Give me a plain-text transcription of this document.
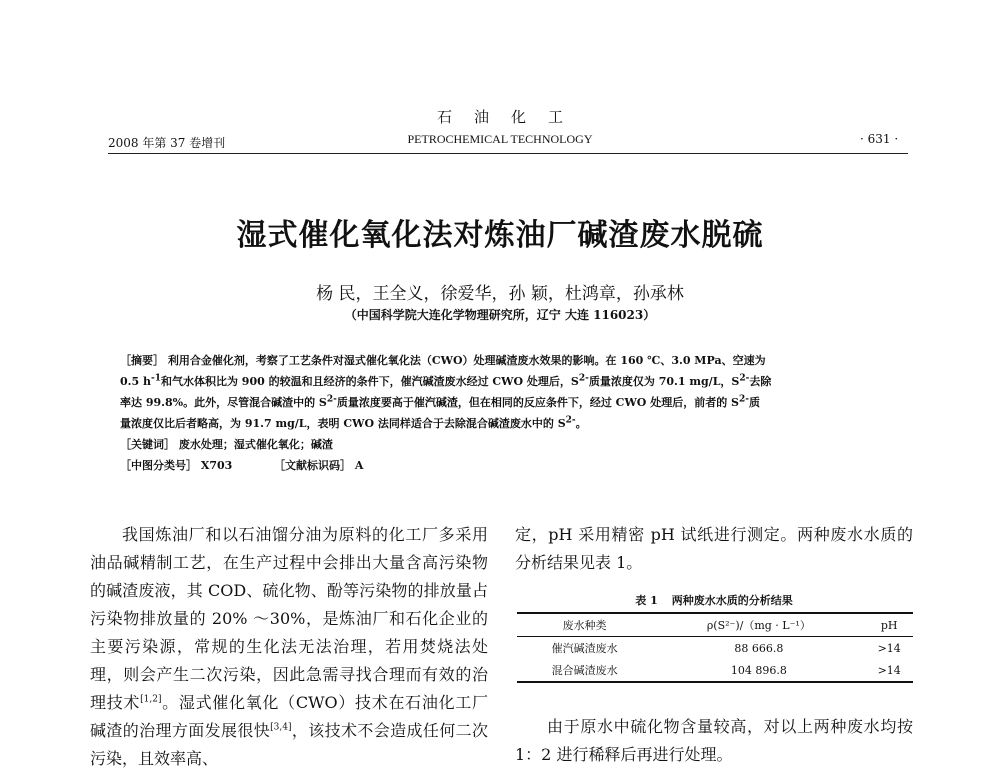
石油化工
2008 年第 37 卷增刊	PETROCHEMICAL TECHNOLOGY	· 631 ·
湿式催化氧化法对炼油厂碱渣废水脱硫
杨 民，王全义，徐爱华，孙 颖，杜鸿章，孙承林
（中国科学院大连化学物理研究所，辽宁 大连 116023）

［摘要］ 利用合金催化剂，考察了工艺条件对湿式催化氧化法（CWO）处理碱渣废水效果的影响。在 160 ℃、3.0 MPa、空速为

0.5 $h^{-1}$和气水体积比为 900 的较温和且经济的条件下，催汽碱渣废水经过 CWO 处理后，$S^{2-}$质量浓度仅为 70.1 mg/L，$S^{2-}$去除

率达 99.8%。此外，尽管混合碱渣中的 $S^{2-}$质量浓度要高于催汽碱渣，但在相同的反应条件下，经过 CWO 处理后，前者的 $S^{2-}$质

量浓度仅比后者略高，为 91.7 mg/L，表明 CWO 法同样适合于去除混合碱渣废水中的 $S^{2-}$。

［关键词］ 废水处理；湿式催化氧化；碱渣

［中图分类号］ X703	［文献标识码］ A

我国炼油厂和以石油馏分油为原料的化工厂多采用油品碱精制工艺，在生产过程中会排出大量含高污染物的碱渣废液，其 COD、硫化物、酚等污染物的排放量占污染物排放量的 20% ～30%，是炼油厂和石化企业的主要污染源，常规的生化法无法治理，若用焚烧法处理，则会产生二次污染，因此急需寻找合理而有效的治理技术[1,2]。湿式催化氧化（CWO）技术在石油化工厂碱渣的治理方面发展很快[3,4]，该技术不会造成任何二次污染，且效率高、

定，pH 采用精密 pH 试纸进行测定。两种废水水质的分析结果见表 1。

表 1 两种废水水质的分析结果
废水种类	ρ(S²⁻)/（mg · L⁻¹）	pH
催汽碱渣废水	88 666.8	>14
混合碱渣废水	104 896.8	>14

由于原水中硫化物含量较高，对以上两种废水均按 1：2 进行稀释后再进行处理。
